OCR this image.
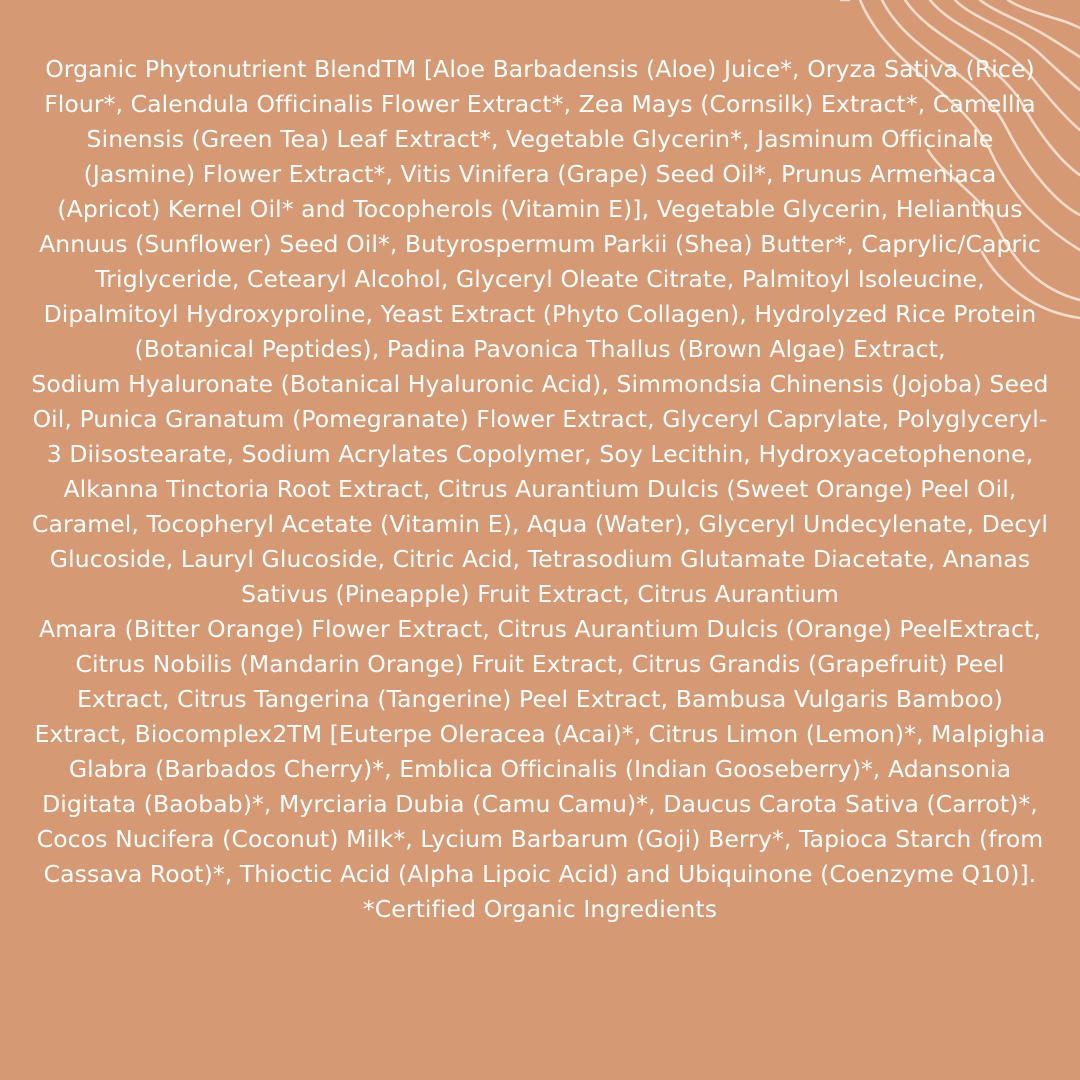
Organic Phytonutrient BlendTM [Aloe Barbadensis (Aloe) Juice*, Oryza Sativa (Rice) Flour*, Calendula Officinalis Flower Extract*, Zea Mays (Cornsilk) Extract*, Camellia Sinensis (Green Tea) Leaf Extract*, Vegetable Glycerin*, Jasminum Officinale (Jasmine) Flower Extract*, Vitis Vinifera (Grape) Seed Oil*, Prunus Armeniaca (Apricot) Kernel Oil* and Tocopherols (Vitamin E)], Vegetable Glycerin, Helianthus Annuus (Sunflower) Seed Oil*, Butyrospermum Parkii (Shea) Butter*, Caprylic/Capric Triglyceride, Cetearyl Alcohol, Glyceryl Oleate Citrate, Palmitoyl Isoleucine, Dipalmitoyl Hydroxyproline, Yeast Extract (Phyto Collagen), Hydrolyzed Rice Protein (Botanical Peptides), Padina Pavonica Thallus (Brown Algae) Extract,

Sodium Hyaluronate (Botanical Hyaluronic Acid), Simmondsia Chinensis (Jojoba) Seed Oil, Punica Granatum (Pomegranate) Flower Extract, Glyceryl Caprylate, Polyglyceryl-3 Diisostearate, Sodium Acrylates Copolymer, Soy Lecithin, Hydroxyacetophenone, Alkanna Tinctoria Root Extract, Citrus Aurantium Dulcis (Sweet Orange) Peel Oil, Caramel, Tocopheryl Acetate (Vitamin E), Aqua (Water), Glyceryl Undecylenate, Decyl Glucoside, Lauryl Glucoside, Citric Acid, Tetrasodium Glutamate Diacetate, Ananas Sativus (Pineapple) Fruit Extract, Citrus Aurantium

Amara (Bitter Orange) Flower Extract, Citrus Aurantium Dulcis (Orange) PeelExtract, Citrus Nobilis (Mandarin Orange) Fruit Extract, Citrus Grandis (Grapefruit) Peel Extract, Citrus Tangerina (Tangerine) Peel Extract, Bambusa Vulgaris Bamboo) Extract, Biocomplex2TM [Euterpe Oleracea (Acai)*, Citrus Limon (Lemon)*, Malpighia Glabra (Barbados Cherry)*, Emblica Officinalis (Indian Gooseberry)*, Adansonia Digitata (Baobab)*, Myrciaria Dubia (Camu Camu)*, Daucus Carota Sativa (Carrot)*, Cocos Nucifera (Coconut) Milk*, Lycium Barbarum (Goji) Berry*, Tapioca Starch (from Cassava Root)*, Thioctic Acid (Alpha Lipoic Acid) and Ubiquinone (Coenzyme Q10)].

*Certified Organic Ingredients
